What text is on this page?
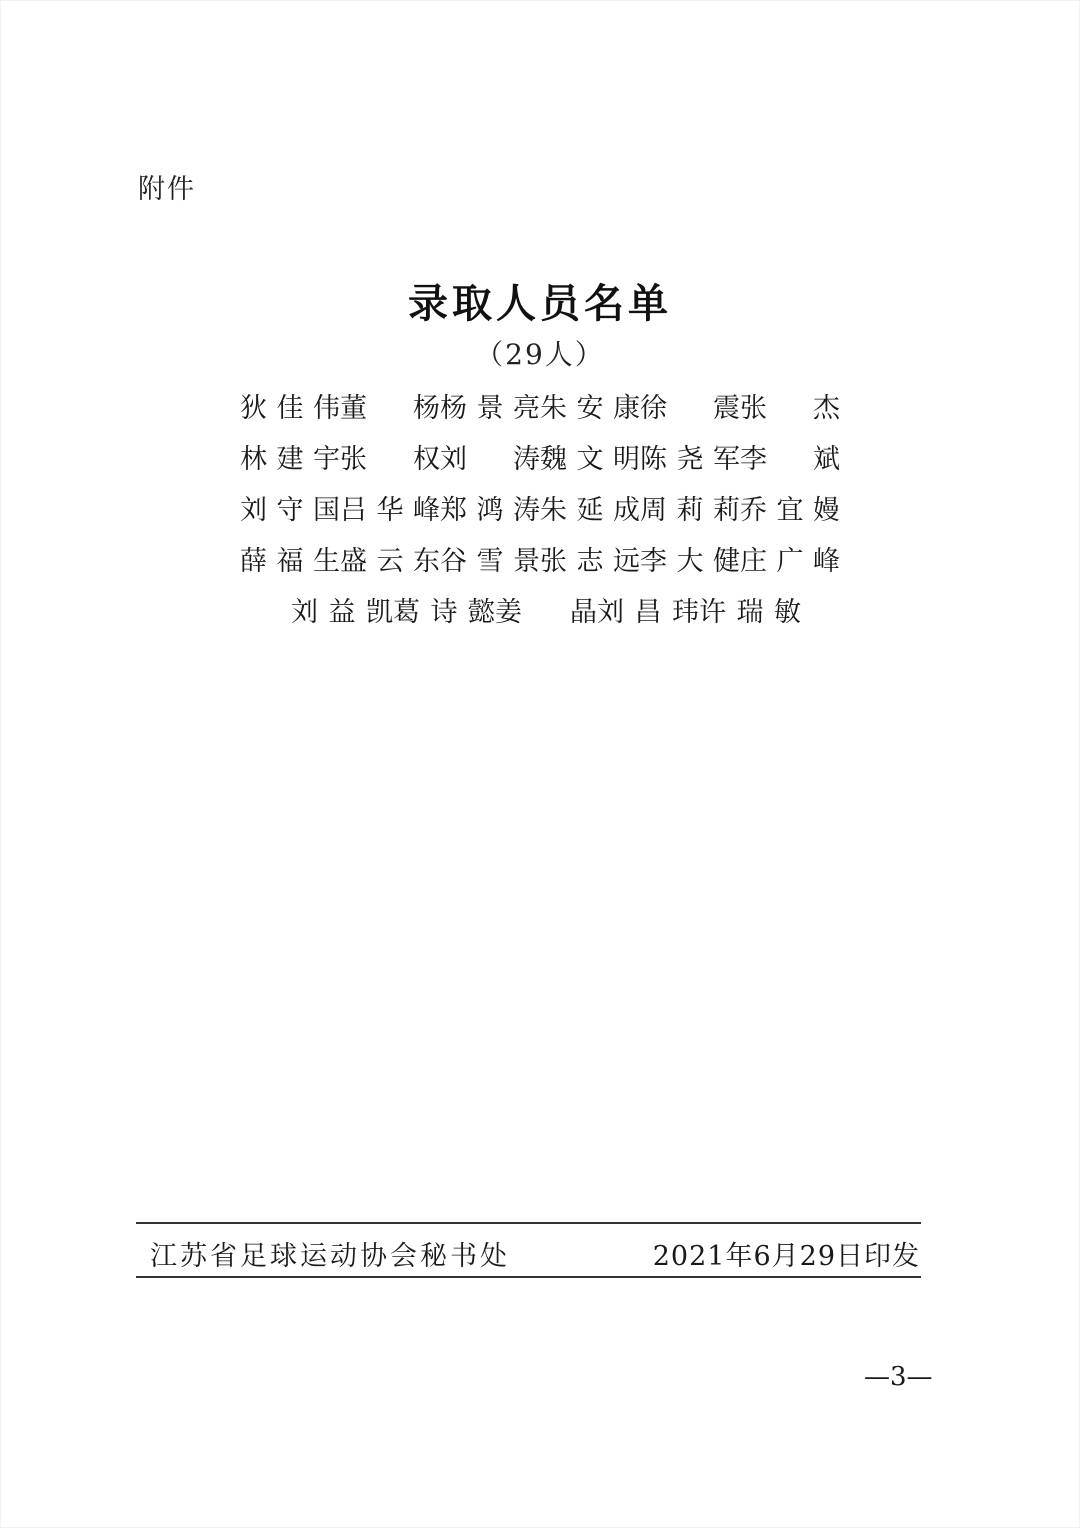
附件
录取人员名单
（29人）
狄 佳 伟 董 杨 杨 景 亮 朱 安 康 徐 震 张 杰
林 建 宇 张 权 刘 涛 魏 文 明 陈 尧 军 李 斌
刘 守 国 吕 华 峰 郑 鸿 涛 朱 延 成 周 莉 莉 乔 宜 嫚
薛 福 生 盛 云 东 谷 雪 景 张 志 远 李 大 健 庄 广 峰
刘 益 凯 葛 诗 懿 姜 晶 刘 昌 玮 许 瑞 敏
江苏省足球运动协会秘书处	2021年6月29日印发
—3—
